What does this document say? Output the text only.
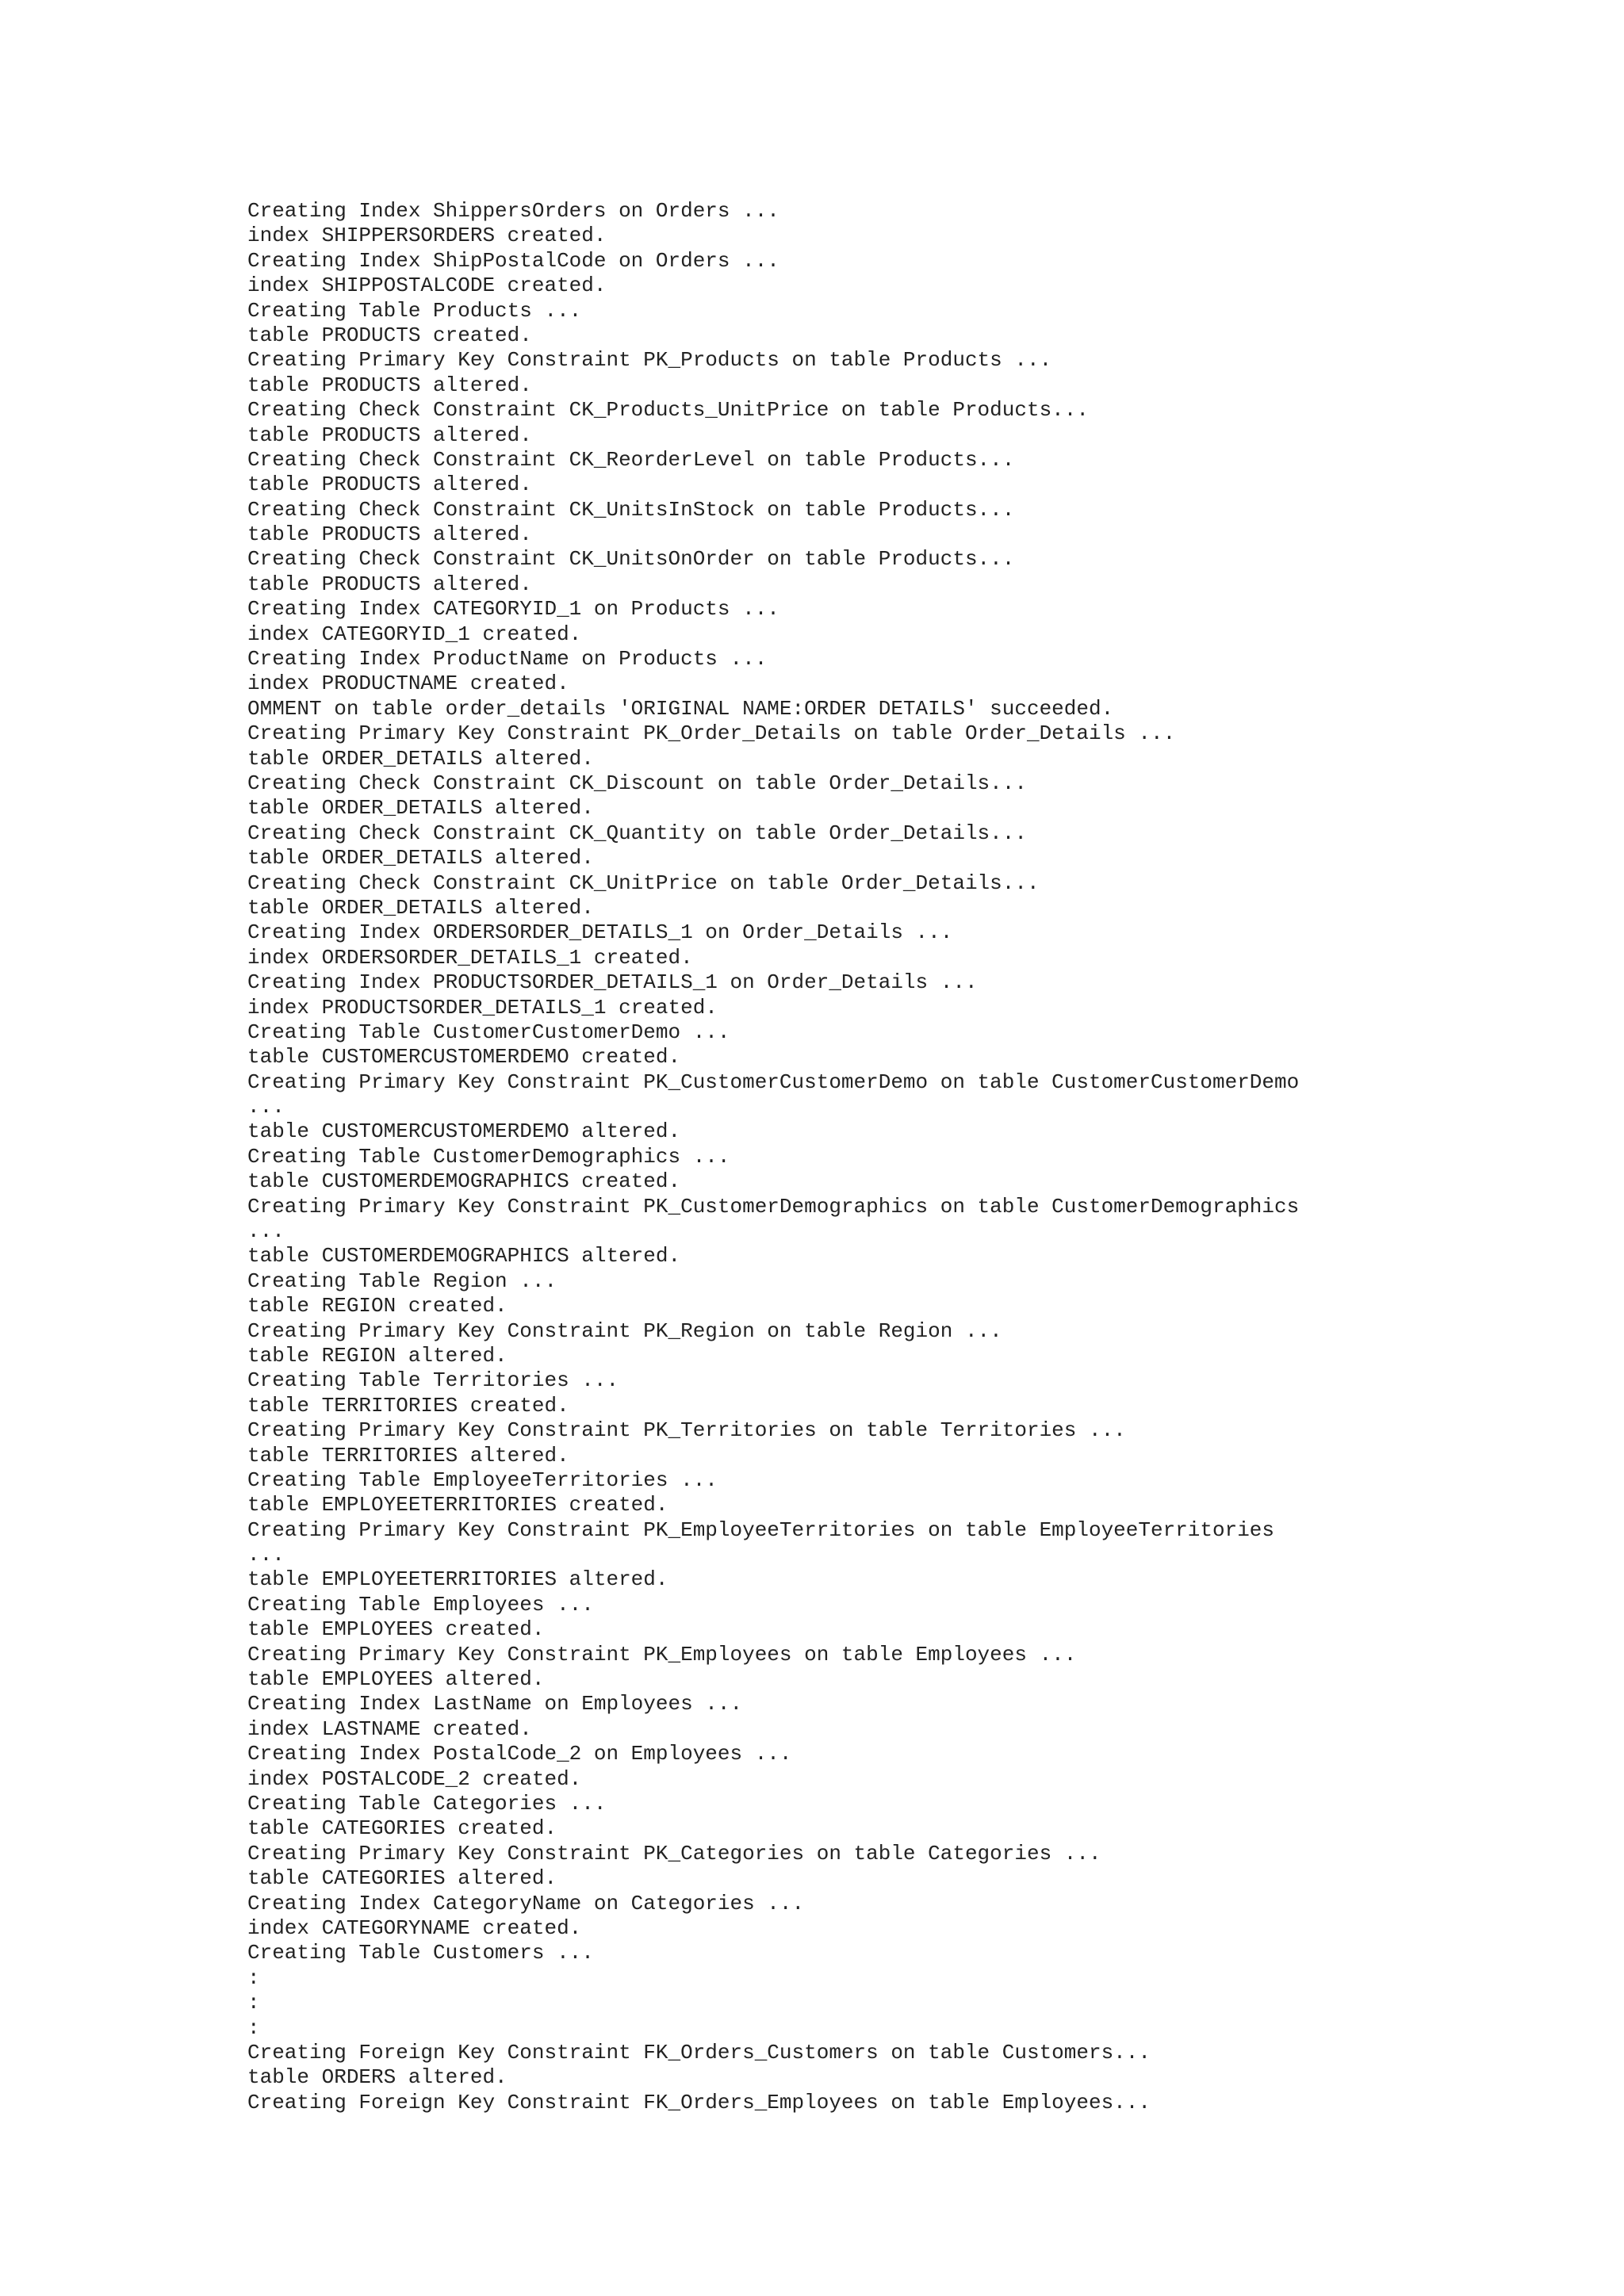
Creating Index ShippersOrders on Orders ...
index SHIPPERSORDERS created.
Creating Index ShipPostalCode on Orders ...
index SHIPPOSTALCODE created.
Creating Table Products ...
table PRODUCTS created.
Creating Primary Key Constraint PK_Products on table Products ...
table PRODUCTS altered.
Creating Check Constraint CK_Products_UnitPrice on table Products...
table PRODUCTS altered.
Creating Check Constraint CK_ReorderLevel on table Products...
table PRODUCTS altered.
Creating Check Constraint CK_UnitsInStock on table Products...
table PRODUCTS altered.
Creating Check Constraint CK_UnitsOnOrder on table Products...
table PRODUCTS altered.
Creating Index CATEGORYID_1 on Products ...
index CATEGORYID_1 created.
Creating Index ProductName on Products ...
index PRODUCTNAME created.
OMMENT on table order_details 'ORIGINAL NAME:ORDER DETAILS' succeeded.
Creating Primary Key Constraint PK_Order_Details on table Order_Details ...
table ORDER_DETAILS altered.
Creating Check Constraint CK_Discount on table Order_Details...
table ORDER_DETAILS altered.
Creating Check Constraint CK_Quantity on table Order_Details...
table ORDER_DETAILS altered.
Creating Check Constraint CK_UnitPrice on table Order_Details...
table ORDER_DETAILS altered.
Creating Index ORDERSORDER_DETAILS_1 on Order_Details ...
index ORDERSORDER_DETAILS_1 created.
Creating Index PRODUCTSORDER_DETAILS_1 on Order_Details ...
index PRODUCTSORDER_DETAILS_1 created.
Creating Table CustomerCustomerDemo ...
table CUSTOMERCUSTOMERDEMO created.
Creating Primary Key Constraint PK_CustomerCustomerDemo on table CustomerCustomerDemo
...
table CUSTOMERCUSTOMERDEMO altered.
Creating Table CustomerDemographics ...
table CUSTOMERDEMOGRAPHICS created.
Creating Primary Key Constraint PK_CustomerDemographics on table CustomerDemographics
...
table CUSTOMERDEMOGRAPHICS altered.
Creating Table Region ...
table REGION created.
Creating Primary Key Constraint PK_Region on table Region ...
table REGION altered.
Creating Table Territories ...
table TERRITORIES created.
Creating Primary Key Constraint PK_Territories on table Territories ...
table TERRITORIES altered.
Creating Table EmployeeTerritories ...
table EMPLOYEETERRITORIES created.
Creating Primary Key Constraint PK_EmployeeTerritories on table EmployeeTerritories
...
table EMPLOYEETERRITORIES altered.
Creating Table Employees ...
table EMPLOYEES created.
Creating Primary Key Constraint PK_Employees on table Employees ...
table EMPLOYEES altered.
Creating Index LastName on Employees ...
index LASTNAME created.
Creating Index PostalCode_2 on Employees ...
index POSTALCODE_2 created.
Creating Table Categories ...
table CATEGORIES created.
Creating Primary Key Constraint PK_Categories on table Categories ...
table CATEGORIES altered.
Creating Index CategoryName on Categories ...
index CATEGORYNAME created.
Creating Table Customers ...
:
:
:
Creating Foreign Key Constraint FK_Orders_Customers on table Customers...
table ORDERS altered.
Creating Foreign Key Constraint FK_Orders_Employees on table Employees...
